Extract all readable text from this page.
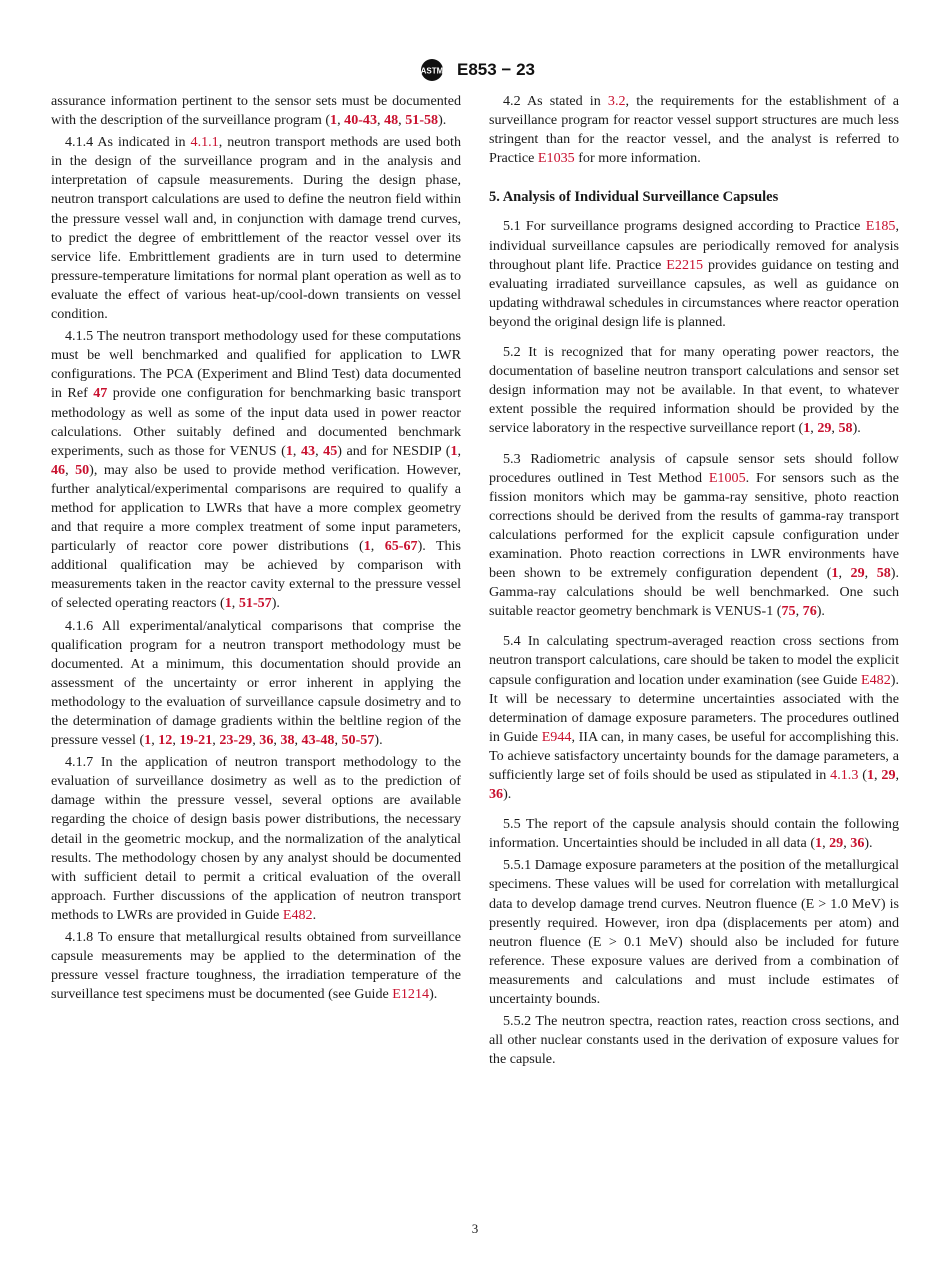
ASTM E853 − 23

assurance information pertinent to the sensor sets must be documented with the description of the surveillance program (1, 40-43, 48, 51-58).

4.1.4 As indicated in 4.1.1, neutron transport methods are used both in the design of the surveillance program and in the analysis and interpretation of capsule measurements. During the design phase, neutron transport calculations are used to define the neutron field within the pressure vessel wall and, in conjunction with damage trend curves, to predict the degree of embrittlement of the reactor vessel over its service life. Embrittlement gradients are in turn used to determine pressure-temperature limitations for normal plant operation as well as to evaluate the effect of various heat-up/cool-down transients on vessel condition.

4.1.5 The neutron transport methodology used for these computations must be well benchmarked and qualified for application to LWR configurations. The PCA (Experiment and Blind Test) data documented in Ref 47 provide one configuration for benchmarking basic transport methodology as well as some of the input data used in power reactor calculations. Other suitably defined and documented benchmark experiments, such as those for VENUS (1, 43, 45) and for NESDIP (1, 46, 50), may also be used to provide method verification. However, further analytical/experimental comparisons are required to qualify a method for application to LWRs that have a more complex geometry and that require a more complex treatment of some input parameters, particularly of reactor core power distributions (1, 65-67). This additional qualification may be achieved by comparison with measurements taken in the reactor cavity external to the pressure vessel of selected operating reactors (1, 51-57).

4.1.6 All experimental/analytical comparisons that comprise the qualification program for a neutron transport methodology must be documented. At a minimum, this documentation should provide an assessment of the uncertainty or error inherent in applying the methodology to the evaluation of surveillance capsule dosimetry and to the determination of damage gradients within the beltline region of the pressure vessel (1, 12, 19-21, 23-29, 36, 38, 43-48, 50-57).

4.1.7 In the application of neutron transport methodology to the evaluation of surveillance dosimetry as well as to the prediction of damage within the pressure vessel, several options are available regarding the choice of design basis power distributions, the necessary detail in the geometric mockup, and the normalization of the analytical results. The methodology chosen by any analyst should be documented with sufficient detail to permit a critical evaluation of the overall approach. Further discussions of the application of neutron transport methods to LWRs are provided in Guide E482.

4.1.8 To ensure that metallurgical results obtained from surveillance capsule measurements may be applied to the determination of the pressure vessel fracture toughness, the irradiation temperature of the surveillance test specimens must be documented (see Guide E1214).

4.2 As stated in 3.2, the requirements for the establishment of a surveillance program for reactor vessel support structures are much less stringent than for the reactor vessel, and the analyst is referred to Practice E1035 for more information.

5. Analysis of Individual Surveillance Capsules

5.1 For surveillance programs designed according to Practice E185, individual surveillance capsules are periodically removed for analysis throughout plant life. Practice E2215 provides guidance on testing and evaluating irradiated surveillance capsules, as well as guidance on updating withdrawal schedules in circumstances where reactor operation beyond the original design life is planned.

5.2 It is recognized that for many operating power reactors, the documentation of baseline neutron transport calculations and sensor set design information may not be available. In that event, to whatever extent possible the required information should be provided by the service laboratory in the respective surveillance report (1, 29, 58).

5.3 Radiometric analysis of capsule sensor sets should follow procedures outlined in Test Method E1005. For sensors such as the fission monitors which may be gamma-ray sensitive, photo reaction corrections should be derived from the results of gamma-ray transport calculations performed for the explicit capsule configuration under examination. Photo reaction corrections in LWR environments have been shown to be extremely configuration dependent (1, 29, 58). Gamma-ray calculations should be well benchmarked. One such suitable reactor geometry benchmark is VENUS-1 (75, 76).

5.4 In calculating spectrum-averaged reaction cross sections from neutron transport calculations, care should be taken to model the explicit capsule configuration and location under examination (see Guide E482). It will be necessary to determine uncertainties associated with the determination of damage exposure parameters. The procedures outlined in Guide E944, IIA can, in many cases, be useful for accomplishing this. To achieve satisfactory uncertainty bounds for the damage parameters, a sufficiently large set of foils should be used as stipulated in 4.1.3 (1, 29, 36).

5.5 The report of the capsule analysis should contain the following information. Uncertainties should be included in all data (1, 29, 36).

5.5.1 Damage exposure parameters at the position of the metallurgical specimens. These values will be used for correlation with metallurgical data to develop damage trend curves. Neutron fluence (E > 1.0 MeV) is presently required. However, iron dpa (displacements per atom) and neutron fluence (E > 0.1 MeV) should also be included for future reference. These exposure values are derived from a combination of measurements and calculations and must include estimates of uncertainty bounds.

5.5.2 The neutron spectra, reaction rates, reaction cross sections, and all other nuclear constants used in the derivation of exposure values for the capsule.

3
